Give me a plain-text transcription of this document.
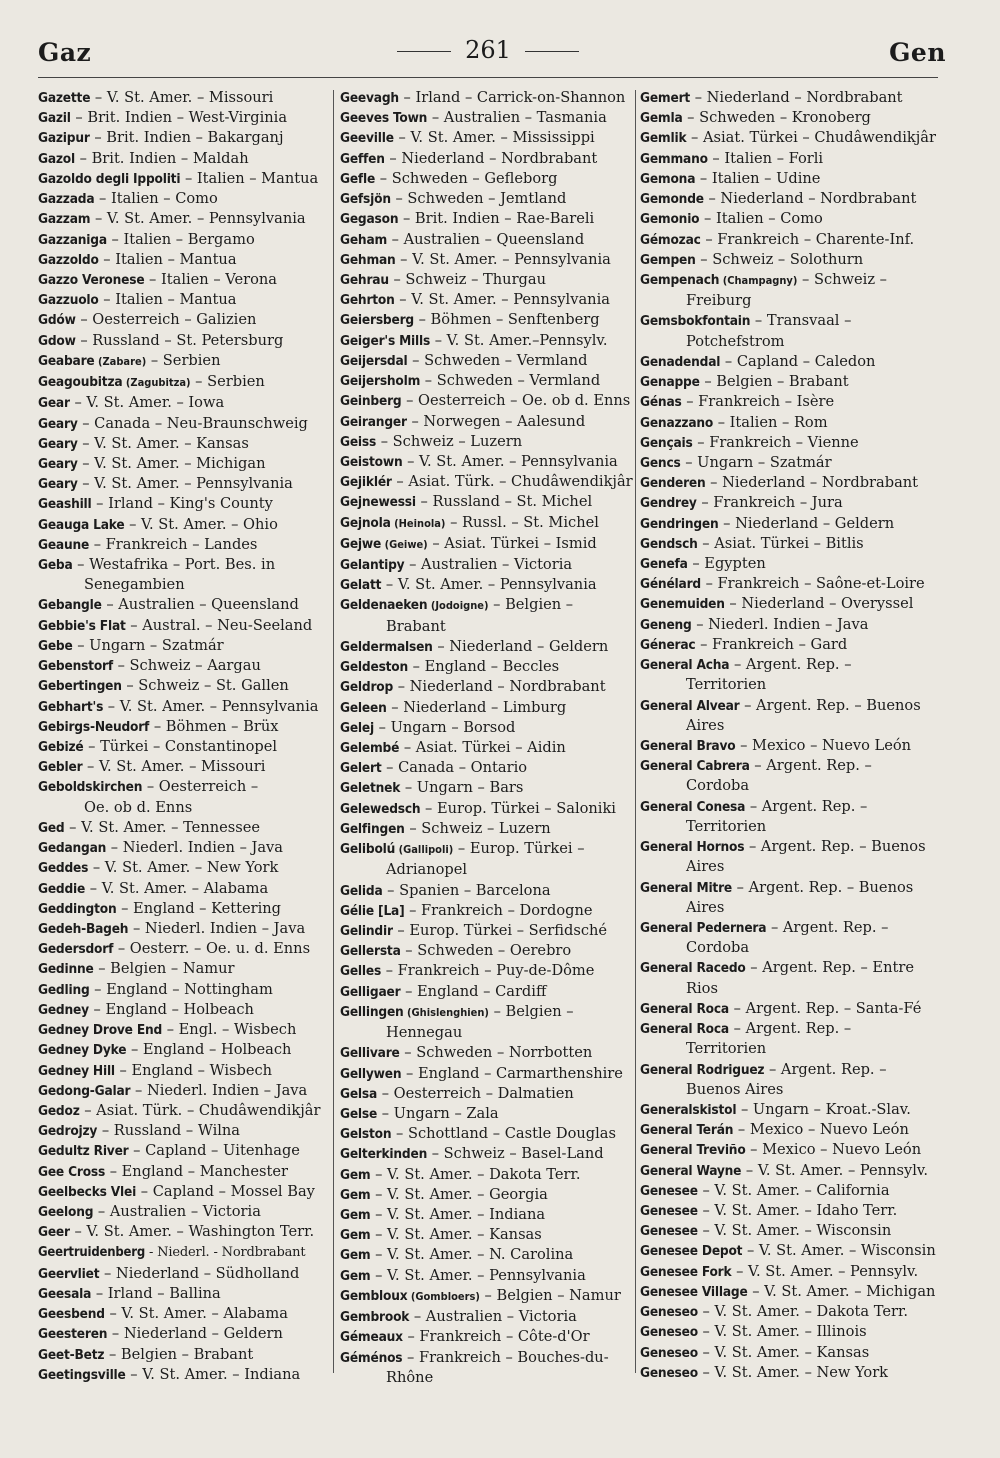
Gaz	261	Gen
Gazette – V. St. Amer. – Missouri
Gazil – Brit. Indien – West-Virginia
Gazipur – Brit. Indien – Bakarganj
Gazol – Brit. Indien – Maldah
Gazoldo degli Ippoliti – Italien – Mantua
Gazzada – Italien – Como
Gazzam – V. St. Amer. – Pennsylvania
Gazzaniga – Italien – Bergamo
Gazzoldo – Italien – Mantua
Gazzo Veronese – Italien – Verona
Gazzuolo – Italien – Mantua
Gdów – Oesterreich – Galizien
Gdow – Russland – St. Petersburg
Geabare (Zabare) – Serbien
Geagoubitza (Zagubitza) – Serbien
Gear – V. St. Amer. – Iowa
Geary – Canada – Neu-Braunschweig
Geary – V. St. Amer. – Kansas
Geary – V. St. Amer. – Michigan
Geary – V. St. Amer. – Pennsylvania
Geashill – Irland – King's County
Geauga Lake – V. St. Amer. – Ohio
Geaune – Frankreich – Landes
Geba – Westafrika – Port. Bes. in
Senegambien
Gebangle – Australien – Queensland
Gebbie's Flat – Austral. – Neu-Seeland
Gebe – Ungarn – Szatmár
Gebenstorf – Schweiz – Aargau
Gebertingen – Schweiz – St. Gallen
Gebhart's – V. St. Amer. – Pennsylvania
Gebirgs-Neudorf – Böhmen – Brüx
Gebizé – Türkei – Constantinopel
Gebler – V. St. Amer. – Missouri
Geboldskirchen – Oesterreich –
Oe. ob d. Enns
Ged – V. St. Amer. – Tennessee
Gedangan – Niederl. Indien – Java
Geddes – V. St. Amer. – New York
Geddie – V. St. Amer. – Alabama
Geddington – England – Kettering
Gedeh-Bageh – Niederl. Indien – Java
Gedersdorf – Oesterr. – Oe. u. d. Enns
Gedinne – Belgien – Namur
Gedling – England – Nottingham
Gedney – England – Holbeach
Gedney Drove End – Engl. – Wisbech
Gedney Dyke – England – Holbeach
Gedney Hill – England – Wisbech
Gedong-Galar – Niederl. Indien – Java
Gedoz – Asiat. Türk. – Chudâwendikjâr
Gedrojzy – Russland – Wilna
Gedultz River – Capland – Uitenhage
Gee Cross – England – Manchester
Geelbecks Vlei – Capland – Mossel Bay
Geelong – Australien – Victoria
Geer – V. St. Amer. – Washington Terr.
Geertruidenberg - Niederl. - Nordbrabant
Geervliet – Niederland – Südholland
Geesala – Irland – Ballina
Geesbend – V. St. Amer. – Alabama
Geesteren – Niederland – Geldern
Geet-Betz – Belgien – Brabant
Geetingsville – V. St. Amer. – Indiana
Geevagh – Irland – Carrick-on-Shannon
Geeves Town – Australien – Tasmania
Geeville – V. St. Amer. – Mississippi
Geffen – Niederland – Nordbrabant
Gefle – Schweden – Gefleborg
Gefsjön – Schweden – Jemtland
Gegason – Brit. Indien – Rae-Bareli
Geham – Australien – Queensland
Gehman – V. St. Amer. – Pennsylvania
Gehrau – Schweiz – Thurgau
Gehrton – V. St. Amer. – Pennsylvania
Geiersberg – Böhmen – Senftenberg
Geiger's Mills – V. St. Amer.–Pennsylv.
Geijersdal – Schweden – Vermland
Geijersholm – Schweden – Vermland
Geinberg – Oesterreich – Oe. ob d. Enns
Geiranger – Norwegen – Aalesund
Geiss – Schweiz – Luzern
Geistown – V. St. Amer. – Pennsylvania
Gejiklér – Asiat. Türk. – Chudâwendikjâr
Gejnewessi – Russland – St. Michel
Gejnola (Heinola) – Russl. – St. Michel
Gejwe (Geiwe) – Asiat. Türkei – Ismid
Gelantipy – Australien – Victoria
Gelatt – V. St. Amer. – Pennsylvania
Geldenaeken (Jodoigne) – Belgien –
Brabant
Geldermalsen – Niederland – Geldern
Geldeston – England – Beccles
Geldrop – Niederland – Nordbrabant
Geleen – Niederland – Limburg
Gelej – Ungarn – Borsod
Gelembé – Asiat. Türkei – Aidin
Gelert – Canada – Ontario
Geletnek – Ungarn – Bars
Gelewedsch – Europ. Türkei – Saloniki
Gelfingen – Schweiz – Luzern
Gelibolú (Gallipoli) – Europ. Türkei –
Adrianopel
Gelida – Spanien – Barcelona
Gélie [La] – Frankreich – Dordogne
Gelindir – Europ. Türkei – Serfidsché
Gellersta – Schweden – Oerebro
Gelles – Frankreich – Puy-de-Dôme
Gelligaer – England – Cardiff
Gellingen (Ghislenghien) – Belgien –
Hennegau
Gellivare – Schweden – Norrbotten
Gellywen – England – Carmarthenshire
Gelsa – Oesterreich – Dalmatien
Gelse – Ungarn – Zala
Gelston – Schottland – Castle Douglas
Gelterkinden – Schweiz – Basel-Land
Gem – V. St. Amer. – Dakota Terr.
Gem – V. St. Amer. – Georgia
Gem – V. St. Amer. – Indiana
Gem – V. St. Amer. – Kansas
Gem – V. St. Amer. – N. Carolina
Gem – V. St. Amer. – Pennsylvania
Gembloux (Gombloers) – Belgien – Namur
Gembrook – Australien – Victoria
Gémeaux – Frankreich – Côte-d'Or
Géménos – Frankreich – Bouches-du-
Rhône
Gemert – Niederland – Nordbrabant
Gemla – Schweden – Kronoberg
Gemlik – Asiat. Türkei – Chudâwendikjâr
Gemmano – Italien – Forli
Gemona – Italien – Udine
Gemonde – Niederland – Nordbrabant
Gemonio – Italien – Como
Gémozac – Frankreich – Charente-Inf.
Gempen – Schweiz – Solothurn
Gempenach (Champagny) – Schweiz –
Freiburg
Gemsbokfontain – Transvaal –
Potchefstrom
Genadendal – Capland – Caledon
Genappe – Belgien – Brabant
Génas – Frankreich – Isère
Genazzano – Italien – Rom
Gençais – Frankreich – Vienne
Gencs – Ungarn – Szatmár
Genderen – Niederland – Nordbrabant
Gendrey – Frankreich – Jura
Gendringen – Niederland – Geldern
Gendsch – Asiat. Türkei – Bitlis
Genefa – Egypten
Génélard – Frankreich – Saône-et-Loire
Genemuiden – Niederland – Overyssel
Geneng – Niederl. Indien – Java
Génerac – Frankreich – Gard
General Acha – Argent. Rep. –
Territorien
General Alvear – Argent. Rep. – Buenos
Aires
General Bravo – Mexico – Nuevo León
General Cabrera – Argent. Rep. –
Cordoba
General Conesa – Argent. Rep. –
Territorien
General Hornos – Argent. Rep. – Buenos
Aires
General Mitre – Argent. Rep. – Buenos
Aires
General Pedernera – Argent. Rep. –
Cordoba
General Racedo – Argent. Rep. – Entre
Rios
General Roca – Argent. Rep. – Santa-Fé
General Roca – Argent. Rep. –
Territorien
General Rodriguez – Argent. Rep. –
Buenos Aires
Generalskistol – Ungarn – Kroat.-Slav.
General Terán – Mexico – Nuevo León
General Treviño – Mexico – Nuevo León
General Wayne – V. St. Amer. – Pennsylv.
Genesee – V. St. Amer. – California
Genesee – V. St. Amer. – Idaho Terr.
Genesee – V. St. Amer. – Wisconsin
Genesee Depot – V. St. Amer. – Wisconsin
Genesee Fork – V. St. Amer. – Pennsylv.
Genesee Village – V. St. Amer. – Michigan
Geneseo – V. St. Amer. – Dakota Terr.
Geneseo – V. St. Amer. – Illinois
Geneseo – V. St. Amer. – Kansas
Geneseo – V. St. Amer. – New York
